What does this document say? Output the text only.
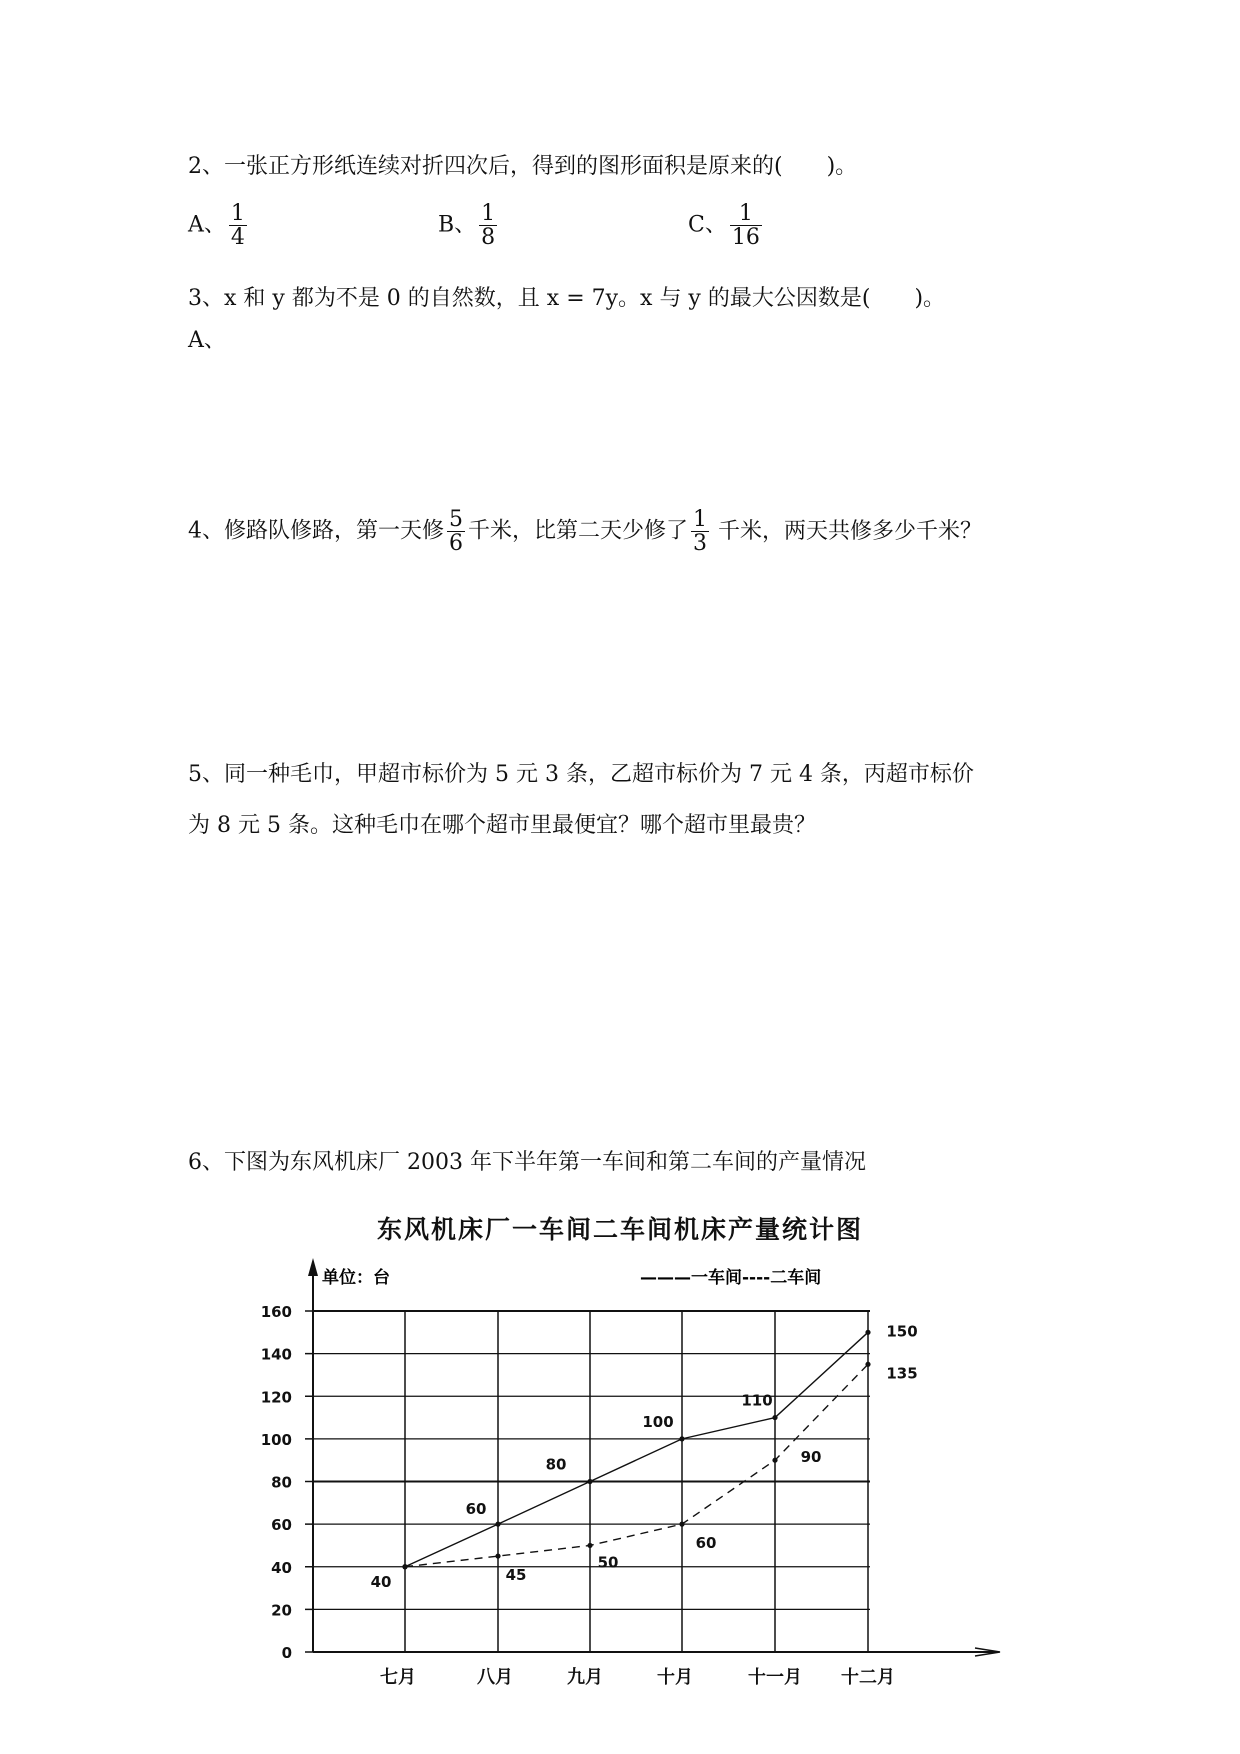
2、一张正方形纸连续对折四次后，得到的图形面积是原来的( )。
A、 $\frac{1}{4}$	B、 $\frac{1}{8}$	C、 $\frac{1}{16}$
3、x 和 y 都为不是 0 的自然数，且 x = 7y。x 与 y 的最大公因数是( )。
A、
4、修路队修路，第一天修 $\frac{5}{6}$ 千米，比第二天少修了 $\frac{1}{3}$ 千米，两天共修多少千米？
5、同一种毛巾，甲超市标价为 5 元 3 条，乙超市标价为 7 元 4 条，丙超市标价
为 8 元 5 条。这种毛巾在哪个超市里最便宜？哪个超市里最贵？
6、下图为东风机床厂 2003 年下半年第一车间和第二车间的产量情况
东风机床厂一车间二车间机床产量统计图
0
20
40
60
80
100
120
140
160
七月	八月	九月	十月	十一月 十二月
40
60
80
100
110
150
45
50
60
90
135
单位：台	———一车间----二车间
